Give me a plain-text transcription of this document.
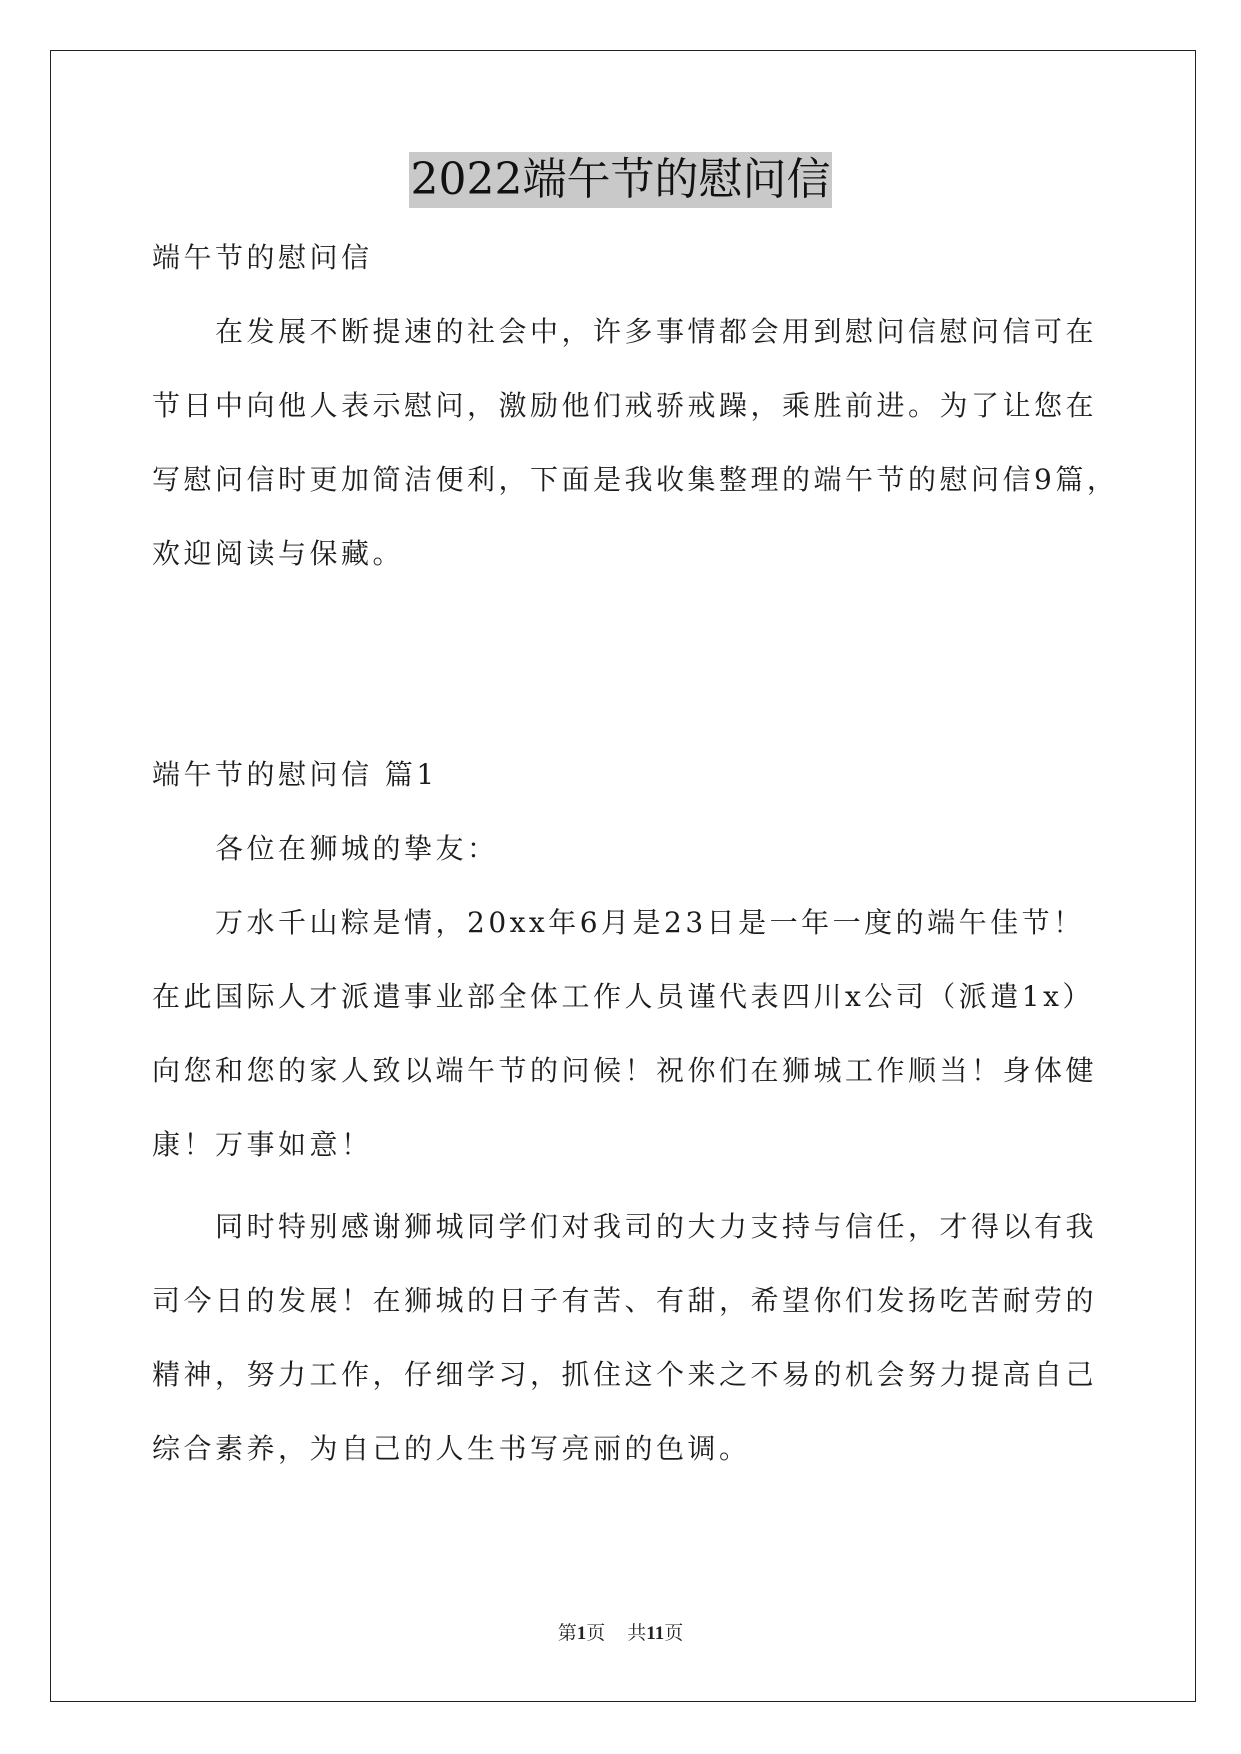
2022端午节的慰问信
端午节的慰问信
在发展不断提速的社会中，许多事情都会用到慰问信慰问信可在
节日中向他人表示慰问，激励他们戒骄戒躁，乘胜前进。为了让您在
写慰问信时更加简洁便利，下面是我收集整理的端午节的慰问信9篇，
欢迎阅读与保藏。
端午节的慰问信 篇1
各位在狮城的挚友：
万水千山粽是情，20xx年6月是23日是一年一度的端午佳节！
在此国际人才派遣事业部全体工作人员谨代表四川x公司（派遣1x）
向您和您的家人致以端午节的问候！祝你们在狮城工作顺当！身体健
康！万事如意！
同时特别感谢狮城同学们对我司的大力支持与信任，才得以有我
司今日的发展！在狮城的日子有苦、有甜，希望你们发扬吃苦耐劳的
精神，努力工作，仔细学习，抓住这个来之不易的机会努力提高自己
综合素养，为自己的人生书写亮丽的色调。
第1页 共11页
